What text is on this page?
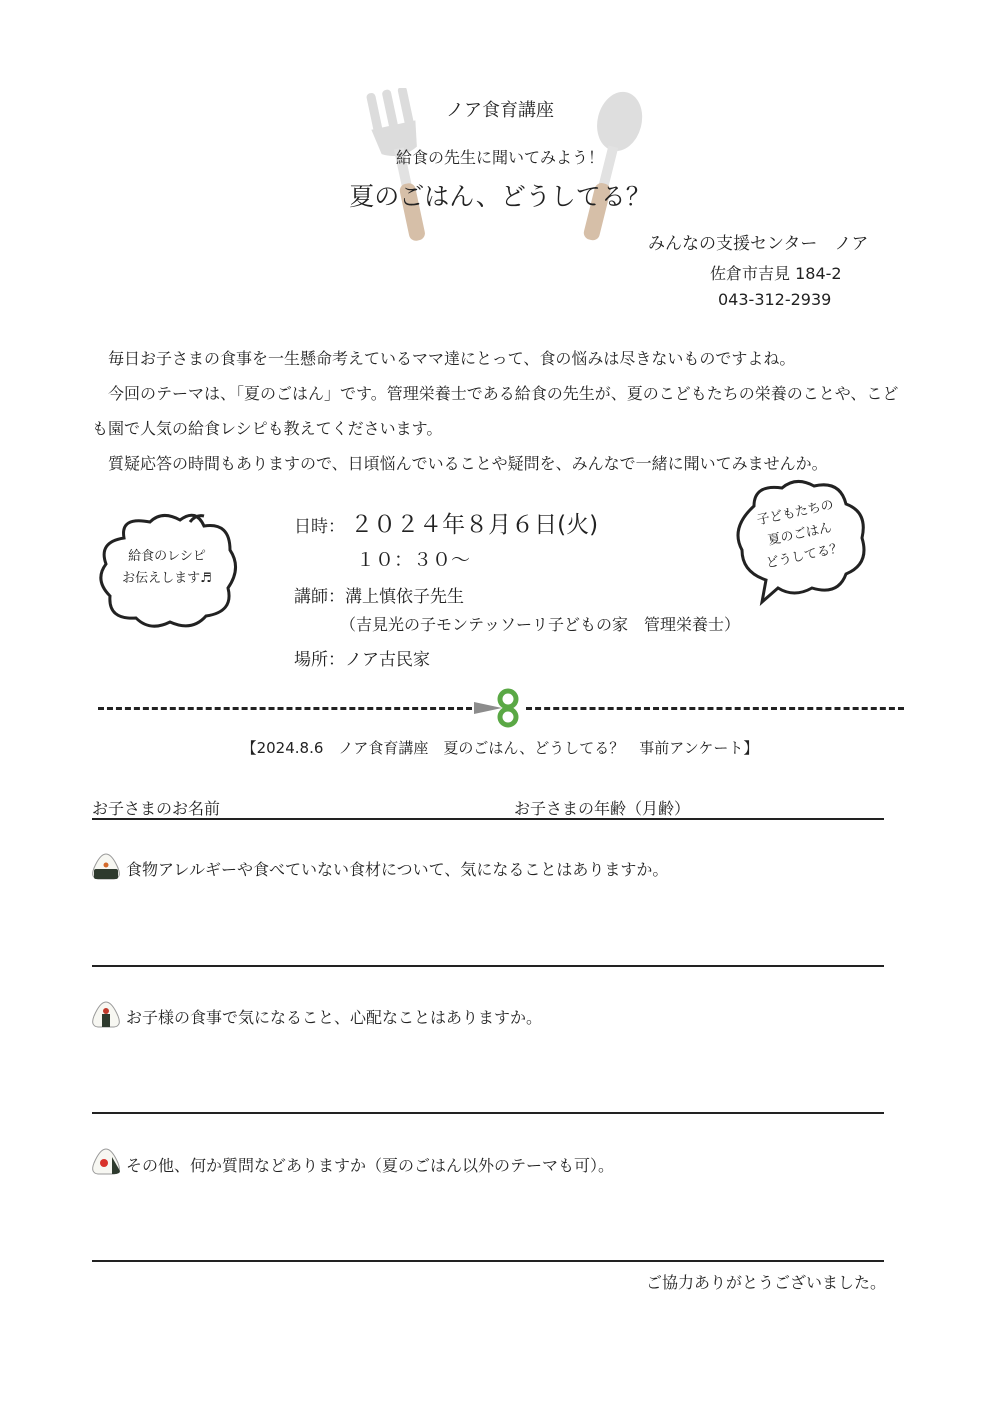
ノア食育講座
給食の先生に聞いてみよう！
夏のごはん、どうしてる？
みんなの支援センター　ノア
佐倉市吉見 184-2
043-312-2939

　毎日お子さまの食事を一生懸命考えているママ達にとって、食の悩みは尽きないものですよね。

　今回のテーマは、「夏のごはん」です。管理栄養士である給食の先生が、夏のこどもたちの栄養のことや、こども園で人気の給食レシピも教えてくださいます。

　質疑応答の時間もありますので、日頃悩んでいることや疑問を、みんなで一緒に聞いてみませんか。

給食のレシピ
お伝えします♬
子どもたちの
夏のごはん
どうしてる？
日時： ２０２４年８月６日(火)
１０：３０～
講師：溝上慎依子先生
（吉見光の子モンテッソーリ子どもの家　管理栄養士）
場所：ノア古民家
【2024.8.6　ノア食育講座　夏のごはん、どうしてる？　事前アンケート】
お子さまのお名前	お子さまの年齢（月齢）
食物アレルギーや食べていない食材について、気になることはありますか。
お子様の食事で気になること、心配なことはありますか。
その他、何か質問などありますか（夏のごはん以外のテーマも可）。
ご協力ありがとうございました。
